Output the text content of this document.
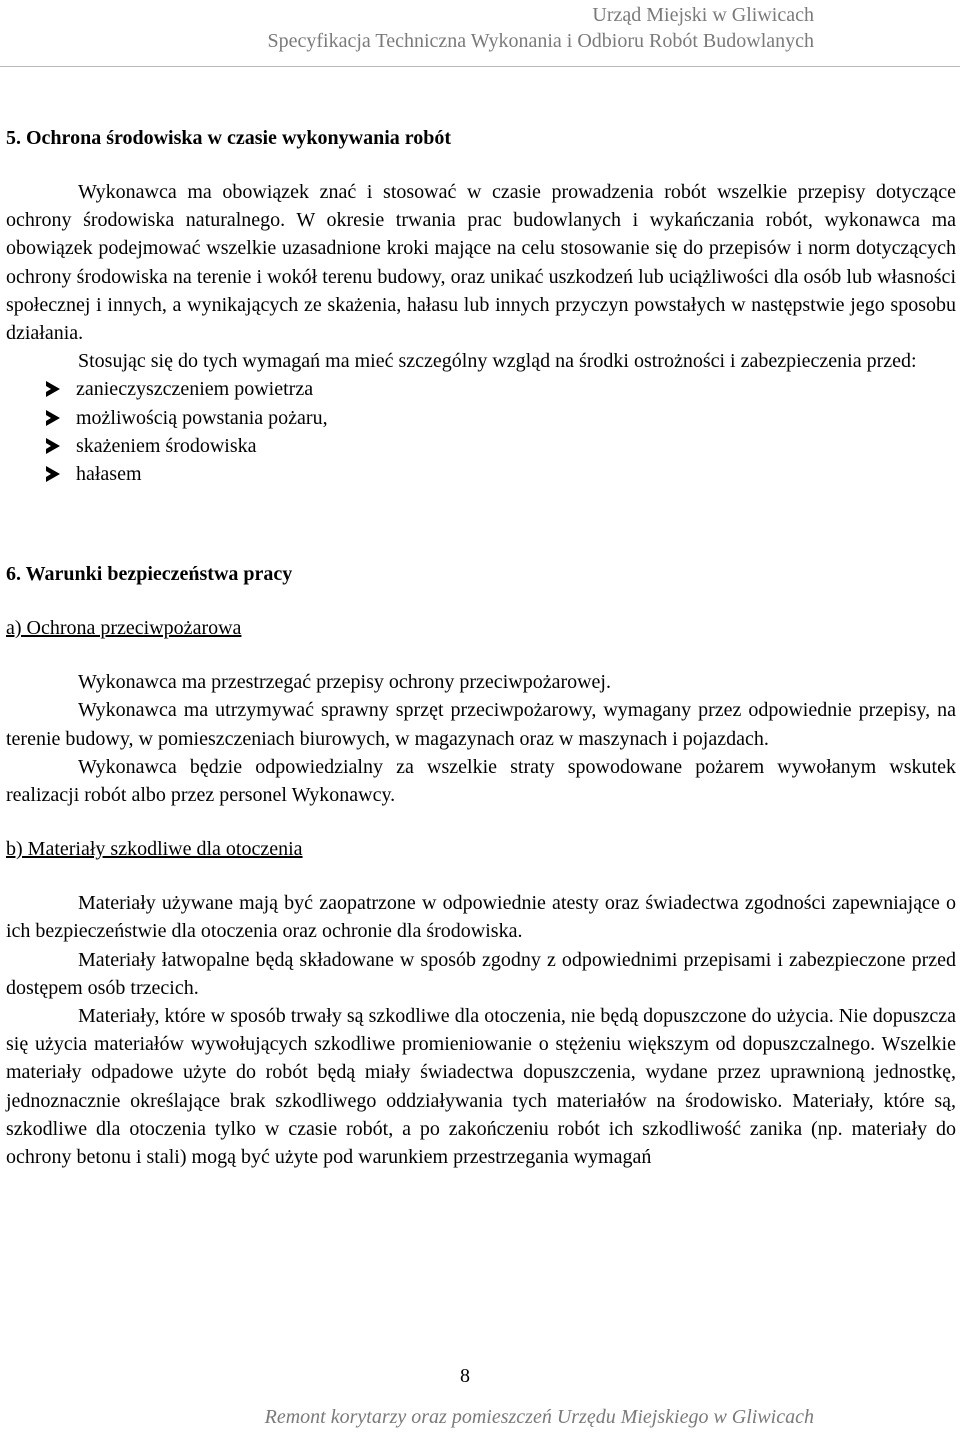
Urząd Miejski w Gliwicach
Specyfikacja Techniczna Wykonania i Odbioru Robót Budowlanych
5. Ochrona środowiska w czasie wykonywania robót

Wykonawca ma obowiązek znać i stosować w czasie prowadzenia robót wszelkie przepisy dotyczące ochrony środowiska naturalnego. W okresie trwania prac budowlanych i wykańczania robót, wykonawca ma obowiązek podejmować wszelkie uzasadnione kroki mające na celu stosowanie się do przepisów i norm dotyczących ochrony środowiska na terenie i wokół terenu budowy, oraz unikać uszkodzeń lub uciążliwości dla osób lub własności społecznej i innych, a wynikających ze skażenia, hałasu lub innych przyczyn powstałych w następstwie jego sposobu działania.

Stosując się do tych wymagań ma mieć szczególny wzgląd na środki ostrożności i zabezpieczenia przed:

zanieczyszczeniem powietrza
możliwością powstania pożaru,
skażeniem środowiska
hałasem
6. Warunki bezpieczeństwa pracy
a) Ochrona przeciwpożarowa

Wykonawca ma przestrzegać przepisy ochrony przeciwpożarowej.

Wykonawca ma utrzymywać sprawny sprzęt przeciwpożarowy, wymagany przez odpowiednie przepisy, na terenie budowy, w pomieszczeniach biurowych, w magazynach oraz w maszynach i pojazdach.

Wykonawca będzie odpowiedzialny za wszelkie straty spowodowane pożarem wywołanym wskutek realizacji robót albo przez personel Wykonawcy.

b) Materiały szkodliwe dla otoczenia

Materiały używane mają być zaopatrzone w odpowiednie atesty oraz świadectwa zgodności zapewniające o ich bezpieczeństwie dla otoczenia oraz ochronie dla środowiska.

Materiały łatwopalne będą składowane w sposób zgodny z odpowiednimi przepisami i zabezpieczone przed dostępem osób trzecich.

Materiały, które w sposób trwały są szkodliwe dla otoczenia, nie będą dopuszczone do użycia. Nie dopuszcza się użycia materiałów wywołujących szkodliwe promieniowanie o stężeniu większym od dopuszczalnego. Wszelkie materiały odpadowe użyte do robót będą miały świadectwa dopuszczenia, wydane przez uprawnioną jednostkę, jednoznacznie określające brak szkodliwego oddziaływania tych materiałów na środowisko. Materiały, które są, szkodliwe dla otoczenia tylko w czasie robót, a po zakończeniu robót ich szkodliwość zanika (np. materiały do ochrony betonu i stali) mogą być użyte pod warunkiem przestrzegania wymagań

8
Remont korytarzy oraz pomieszczeń Urzędu Miejskiego w Gliwicach
